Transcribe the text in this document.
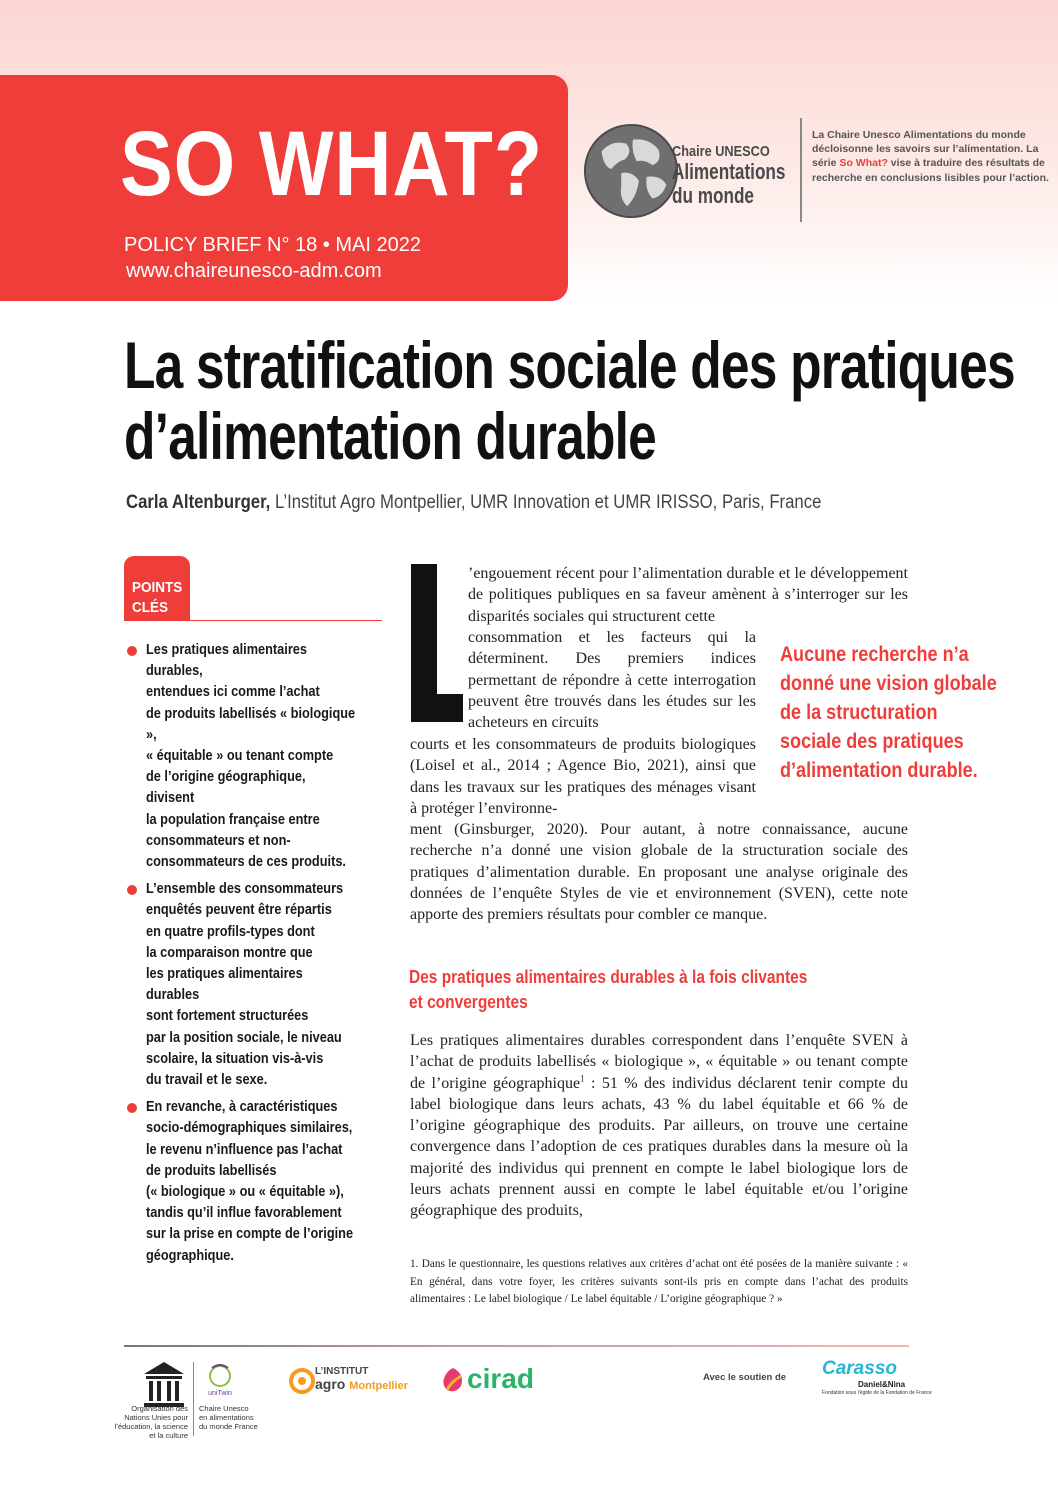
SO WHAT?
POLICY BRIEF N° 18 • MAI 2022
www.chaireunesco-adm.com
Chaire UNESCO
Alimentations
du monde
La Chaire Unesco Alimentations du monde décloisonne les savoirs sur l’alimentation. La série So What? vise à traduire des résultats de recherche en conclusions lisibles pour l’action.
La stratification sociale des pratiques
d’alimentation durable
Carla Altenburger, L’Institut Agro Montpellier, UMR Innovation et UMR IRISSO, Paris, France
POINTS
CLÉS
Les pratiques alimentaires durables,
entendues ici comme l’achat
de produits labellisés « biologique »,
« équitable » ou tenant compte
de l’origine géographique, divisent
la population française entre
consommateurs et non-
consommateurs de ces produits.
L’ensemble des consommateurs
enquêtés peuvent être répartis
en quatre profils-types dont
la comparaison montre que
les pratiques alimentaires durables
sont fortement structurées
par la position sociale, le niveau
scolaire, la situation vis-à-vis
du travail et le sexe.
En revanche, à caractéristiques
socio-démographiques similaires,
le revenu n’influence pas l’achat
de produits labellisés
(« biologique » ou « équitable »),
tandis qu’il influe favorablement
sur la prise en compte de l’origine
géographique.

’engouement récent pour l’alimentation durable et le développement de politiques publiques en sa faveur amènent à s’interroger sur les disparités sociales qui structurent cette

consommation et les facteurs qui la déterminent. Des premiers indices permettant de répondre à cette interrogation peuvent être trouvés dans les études sur les acheteurs en circuits

courts et les consommateurs de produits biologiques (Loisel et al., 2014 ; Agence Bio, 2021), ainsi que dans les travaux sur les pratiques des ménages visant à protéger l’environne-

ment (Ginsburger, 2020). Pour autant, à notre connaissance, aucune recherche n’a donné une vision globale de la structuration sociale des pratiques d’alimentation durable. En proposant une analyse originale des données de l’enquête Styles de vie et environnement (SVEN), cette note apporte des premiers résultats pour combler ce manque.

Aucune recherche n’a
donné une vision globale
de la structuration
sociale des pratiques
d’alimentation durable.
Des pratiques alimentaires durables à la fois clivantes
et convergentes

Les pratiques alimentaires durables correspondent dans l’enquête SVEN à l’achat de produits labellisés « biologique », « équitable » ou tenant compte de l’origine géographique$^1$ : 51 % des individus déclarent tenir compte du label biologique dans leurs achats, 43 % du label équitable et 66 % de l’origine géographique des produits. Par ailleurs, on trouve une certaine convergence dans l’adoption de ces pratiques durables dans la mesure où la majorité des individus qui prennent en compte le label biologique lors de leurs achats prennent aussi en compte le label équitable et/ou l’origine géographique des produits,

1. Dans le questionnaire, les questions relatives aux critères d’achat ont été posées de la manière suivante : « En général, dans votre foyer, les critères suivants sont-ils pris en compte dans l’achat des produits alimentaires : Le label biologique / Le label équitable / L’origine géographique ? »

Organisation des Nations Unies pour l’éducation, la science et la culture
uniTwin
Chaire Unesco en alimentations du monde France
L’INSTITUT
agro Montpellier cirad	Avec le soutien de Carasso
Daniel&Nina
Fondation sous l’égide de la Fondation de France
